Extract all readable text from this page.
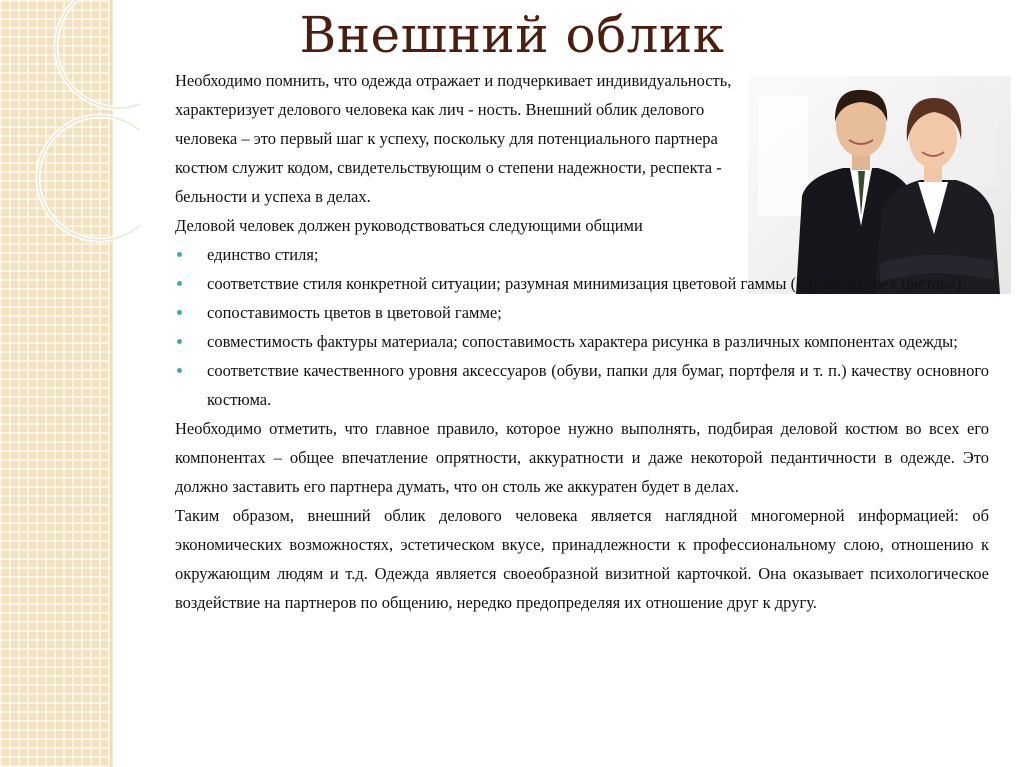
Внешний облик

Необходимо помнить, что одежда отражает и подчеркивает индивидуальность, характеризует делового человека как лич - ность. Внешний облик делового человека – это первый шаг к успеху, поскольку для потенциального партнера костюм служит кодом, свидетельствующим о степени надежности, респекта - бельности и успеха в делах.

Деловой человек должен руководствоваться следующими общими

единство стиля;
соответствие стиля конкретной ситуации; разумная минимизация цветовой гаммы («правило трех цветов»);
сопоставимость цветов в цветовой гамме;
совместимость фактуры материала; сопоставимость характера рисунка в различных компонентах одежды;
соответствие качественного уровня аксессуаров (обуви, папки для бумаг, портфеля и т. п.) качеству основного костюма.

Необходимо отметить, что главное правило, которое нужно выполнять, подбирая деловой костюм во всех его компонентах – общее впечатление опрятности, аккуратности и даже некоторой педантичности в одежде. Это должно заставить его партнера думать, что он столь же аккуратен будет в делах.

Таким образом, внешний облик делового человека является наглядной многомерной информацией: об экономических возможностях, эстетическом вкусе, принадлежности к профессиональному слою, отношению к окружающим людям и т.д. Одежда является своеобразной визитной карточкой. Она оказывает психологическое воздействие на партнеров по общению, нередко предопределяя их отношение друг к другу.
